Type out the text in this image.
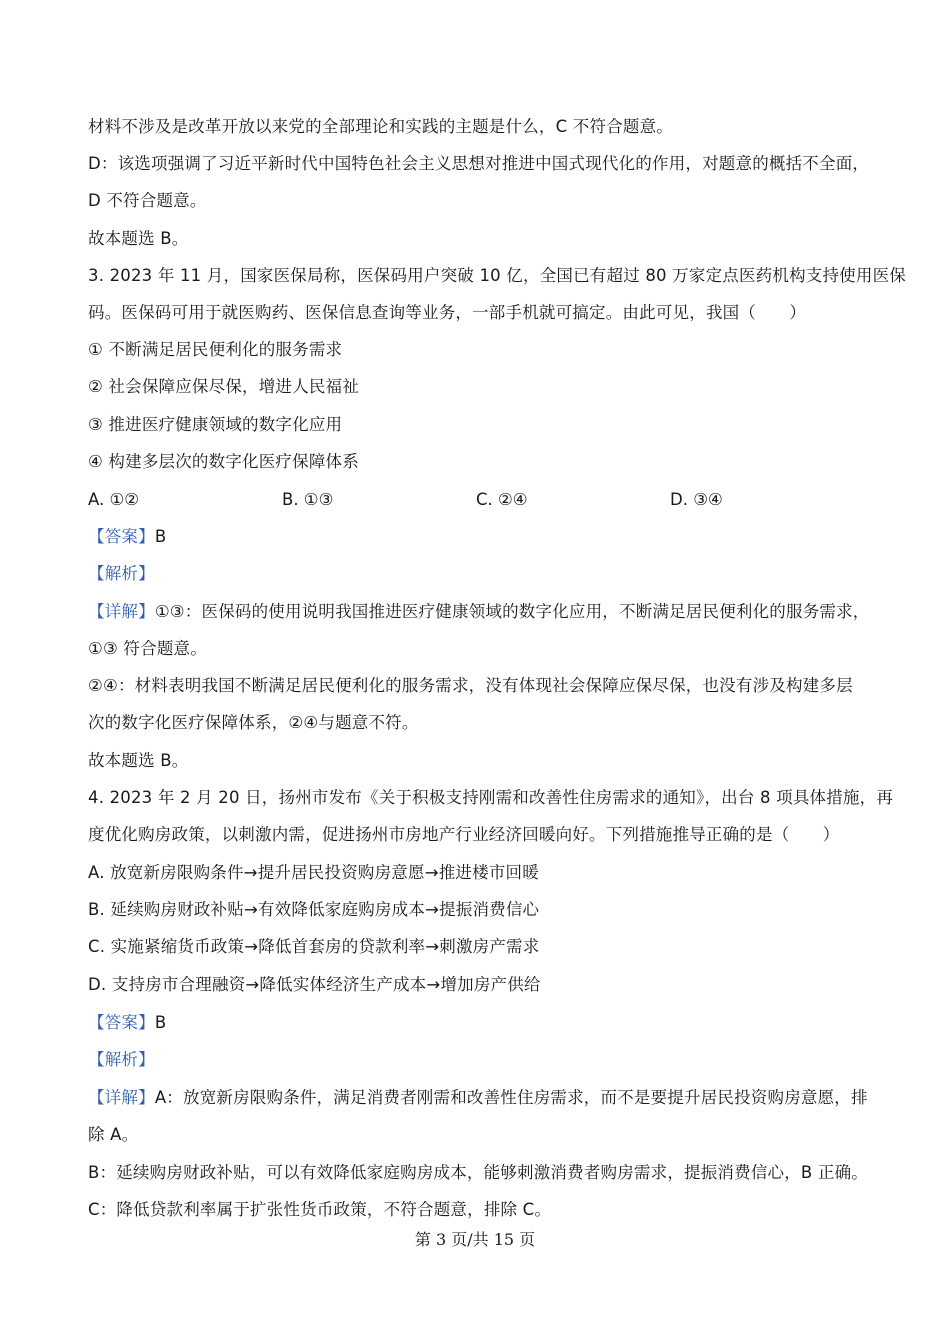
材料不涉及是改革开放以来党的全部理论和实践的主题是什么，C 不符合题意。
D：该选项强调了习近平新时代中国特色社会主义思想对推进中国式现代化的作用，对题意的概括不全面，
D 不符合题意。
故本题选 B。
3. 2023 年 11 月，国家医保局称，医保码用户突破 10 亿，全国已有超过 80 万家定点医药机构支持使用医保
码。医保码可用于就医购药、医保信息查询等业务，一部手机就可搞定。由此可见，我国（　　）
① 不断满足居民便利化的服务需求
② 社会保障应保尽保，增进人民福祉
③ 推进医疗健康领域的数字化应用
④ 构建多层次的数字化医疗保障体系
A. ①②	B. ①③	C. ②④	D. ③④
【答案】B
【解析】
【详解】①③：医保码的使用说明我国推进医疗健康领域的数字化应用，不断满足居民便利化的服务需求，
①③ 符合题意。
②④：材料表明我国不断满足居民便利化的服务需求，没有体现社会保障应保尽保，也没有涉及构建多层
次的数字化医疗保障体系，②④与题意不符。
故本题选 B。
4. 2023 年 2 月 20 日，扬州市发布《关于积极支持刚需和改善性住房需求的通知》，出台 8 项具体措施，再
度优化购房政策，以刺激内需，促进扬州市房地产行业经济回暖向好。下列措施推导正确的是（　　）
A. 放宽新房限购条件→提升居民投资购房意愿→推进楼市回暖
B. 延续购房财政补贴→有效降低家庭购房成本→提振消费信心
C. 实施紧缩货币政策→降低首套房的贷款利率→刺激房产需求
D. 支持房市合理融资→降低实体经济生产成本→增加房产供给
【答案】B
【解析】
【详解】A：放宽新房限购条件，满足消费者刚需和改善性住房需求，而不是要提升居民投资购房意愿，排
除 A。
B：延续购房财政补贴，可以有效降低家庭购房成本，能够刺激消费者购房需求，提振消费信心，B 正确。
C：降低贷款利率属于扩张性货币政策，不符合题意，排除 C。
第 3 页/共 15 页
